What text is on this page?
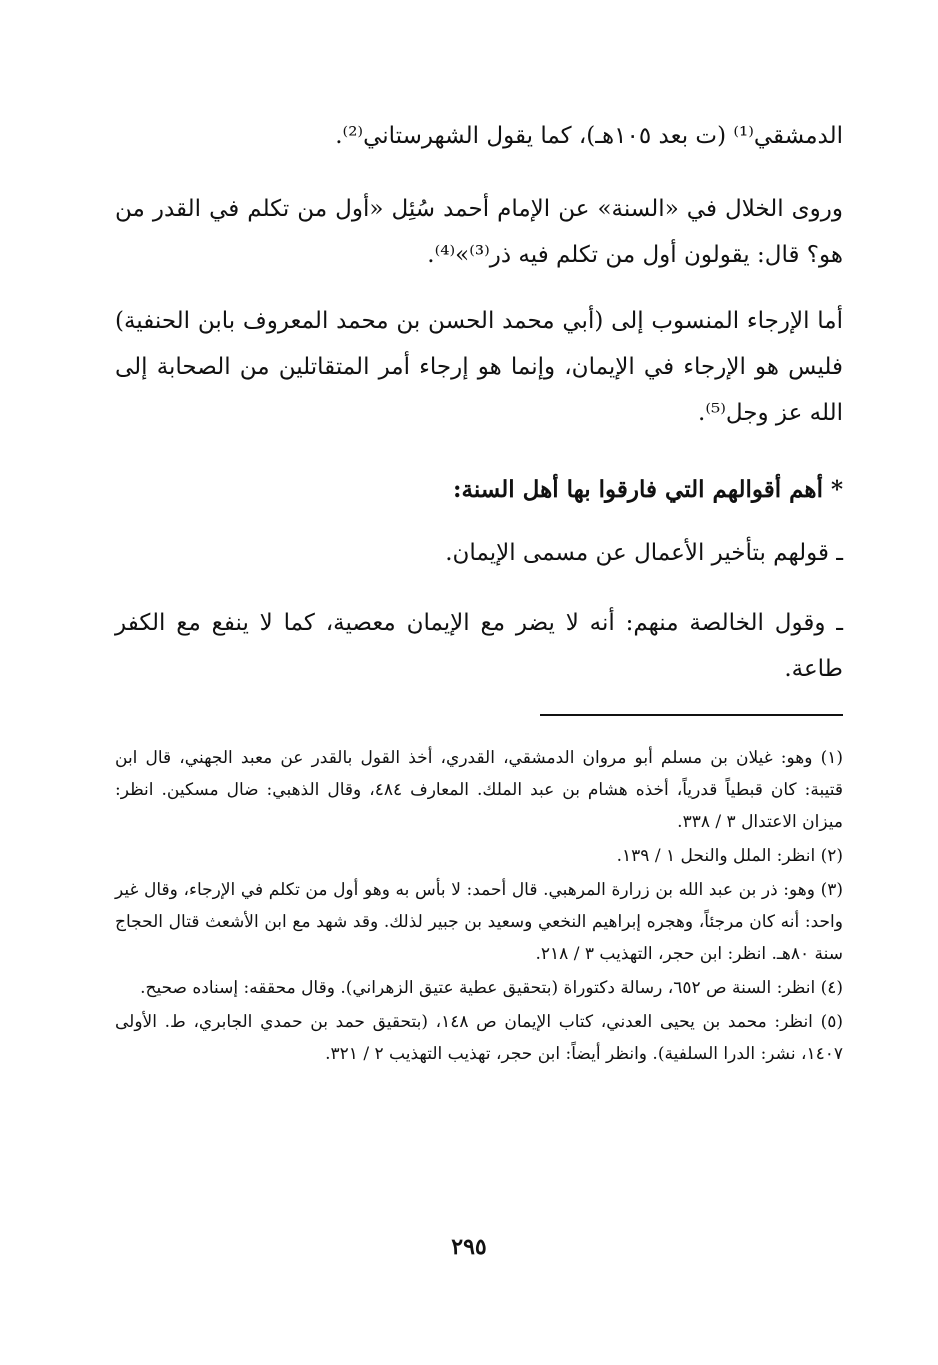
الدمشقي⁽¹⁾ (ت بعد ١٠٥هـ)، كما يقول الشهرستاني⁽²⁾.

وروى الخلال في «السنة» عن الإمام أحمد سُئِل «أول من تكلم في القدر من هو؟ قال: يقولون أول من تكلم فيه ذر⁽³⁾»⁽⁴⁾.

أما الإرجاء المنسوب إلى (أبي محمد الحسن بن محمد المعروف بابن الحنفية) فليس هو الإرجاء في الإيمان، وإنما هو إرجاء أمر المتقاتلين من الصحابة إلى الله عز وجل⁽⁵⁾.

* أهم أقوالهم التي فارقوا بها أهل السنة:

ـ قولهم بتأخير الأعمال عن مسمى الإيمان.

ـ وقول الخالصة منهم: أنه لا يضر مع الإيمان معصية، كما لا ينفع مع الكفر طاعة.

(١) وهو: غيلان بن مسلم أبو مروان الدمشقي، القدري، أخذ القول بالقدر عن معبد الجهني، قال ابن قتيبة: كان قبطياً قدرياً، أخذه هشام بن عبد الملك. المعارف ٤٨٤، وقال الذهبي: ضال مسكين. انظر: ميزان الاعتدال ٣ / ٣٣٨.

(٢) انظر: الملل والنحل ١ / ١٣٩.

(٣) وهو: ذر بن عبد الله بن زرارة المرهبي. قال أحمد: لا بأس به وهو أول من تكلم في الإرجاء، وقال غير واحد: أنه كان مرجئاً، وهجره إبراهيم النخعي وسعيد بن جبير لذلك. وقد شهد مع ابن الأشعث قتال الحجاج سنة ٨٠هـ. انظر: ابن حجر، التهذيب ٣ / ٢١٨.

(٤) انظر: السنة ص ٦٥٢، رسالة دكتوراة (بتحقيق عطية عتيق الزهراني). وقال محققه: إسناده صحيح.

(٥) انظر: محمد بن يحيى العدني، كتاب الإيمان ص ١٤٨، (بتحقيق حمد بن حمدي الجابري، ط. الأولى ١٤٠٧، نشر: الدرا السلفية). وانظر أيضاً: ابن حجر، تهذيب التهذيب ٢ / ٣٢١.

٢٩٥
